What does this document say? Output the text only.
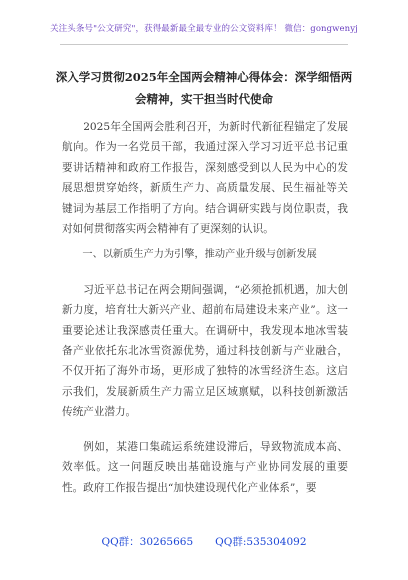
关注头条号"公文研究"，获得最新最全最专业的公文资料库！ 微信：gongwenyj
深入学习贯彻2025年全国两会精神心得体会：深学细悟两
会精神，实干担当时代使命

2025年全国两会胜利召开，为新时代新征程锚定了发展航向。作为一名党员干部，我通过深入学习习近平总书记重要讲话精神和政府工作报告，深刻感受到以人民为中心的发展思想贯穿始终，新质生产力、高质量发展、民生福祉等关键词为基层工作指明了方向。结合调研实践与岗位职责，我对如何贯彻落实两会精神有了更深刻的认识。

一、以新质生产力为引擎，推动产业升级与创新发展

习近平总书记在两会期间强调，“必须抢抓机遇，加大创新力度，培育壮大新兴产业、超前布局建设未来产业”。这一重要论述让我深感责任重大。在调研中，我发现本地冰雪装备产业依托东北冰雪资源优势，通过科技创新与产业融合，不仅开拓了海外市场，更形成了独特的冰雪经济生态。这启示我们，发展新质生产力需立足区域禀赋，以科技创新激活传统产业潜力。

例如，某港口集疏运系统建设滞后，导致物流成本高、效率低。这一问题反映出基础设施与产业协同发展的重要性。政府工作报告提出“加快建设现代化产业体系”，要

QQ群：30265665 QQ群:535304092
